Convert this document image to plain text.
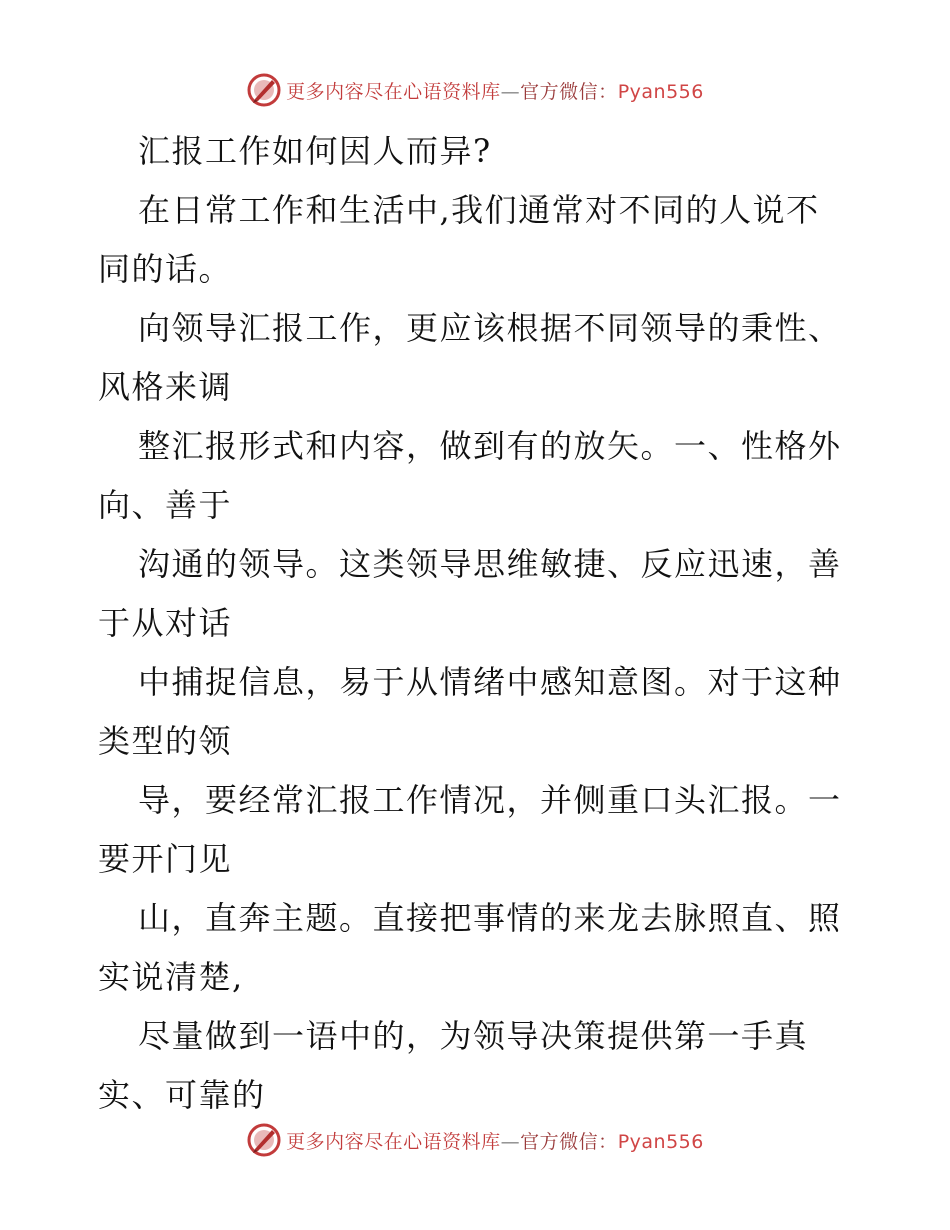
更多内容尽在心语资料库—官方微信：Pyan556
汇报工作如何因人而异?
在日常工作和生活中,我们通常对不同的人说不
同的话。
向领导汇报工作，更应该根据不同领导的秉性、
风格来调
整汇报形式和内容，做到有的放矢。一、性格外
向、善于
沟通的领导。这类领导思维敏捷、反应迅速，善
于从对话
中捕捉信息，易于从情绪中感知意图。对于这种
类型的领
导，要经常汇报工作情况，并侧重口头汇报。一
要开门见
山，直奔主题。直接把事情的来龙去脉照直、照
实说清楚,
尽量做到一语中的，为领导决策提供第一手真
实、可靠的
更多内容尽在心语资料库—官方微信：Pyan556
